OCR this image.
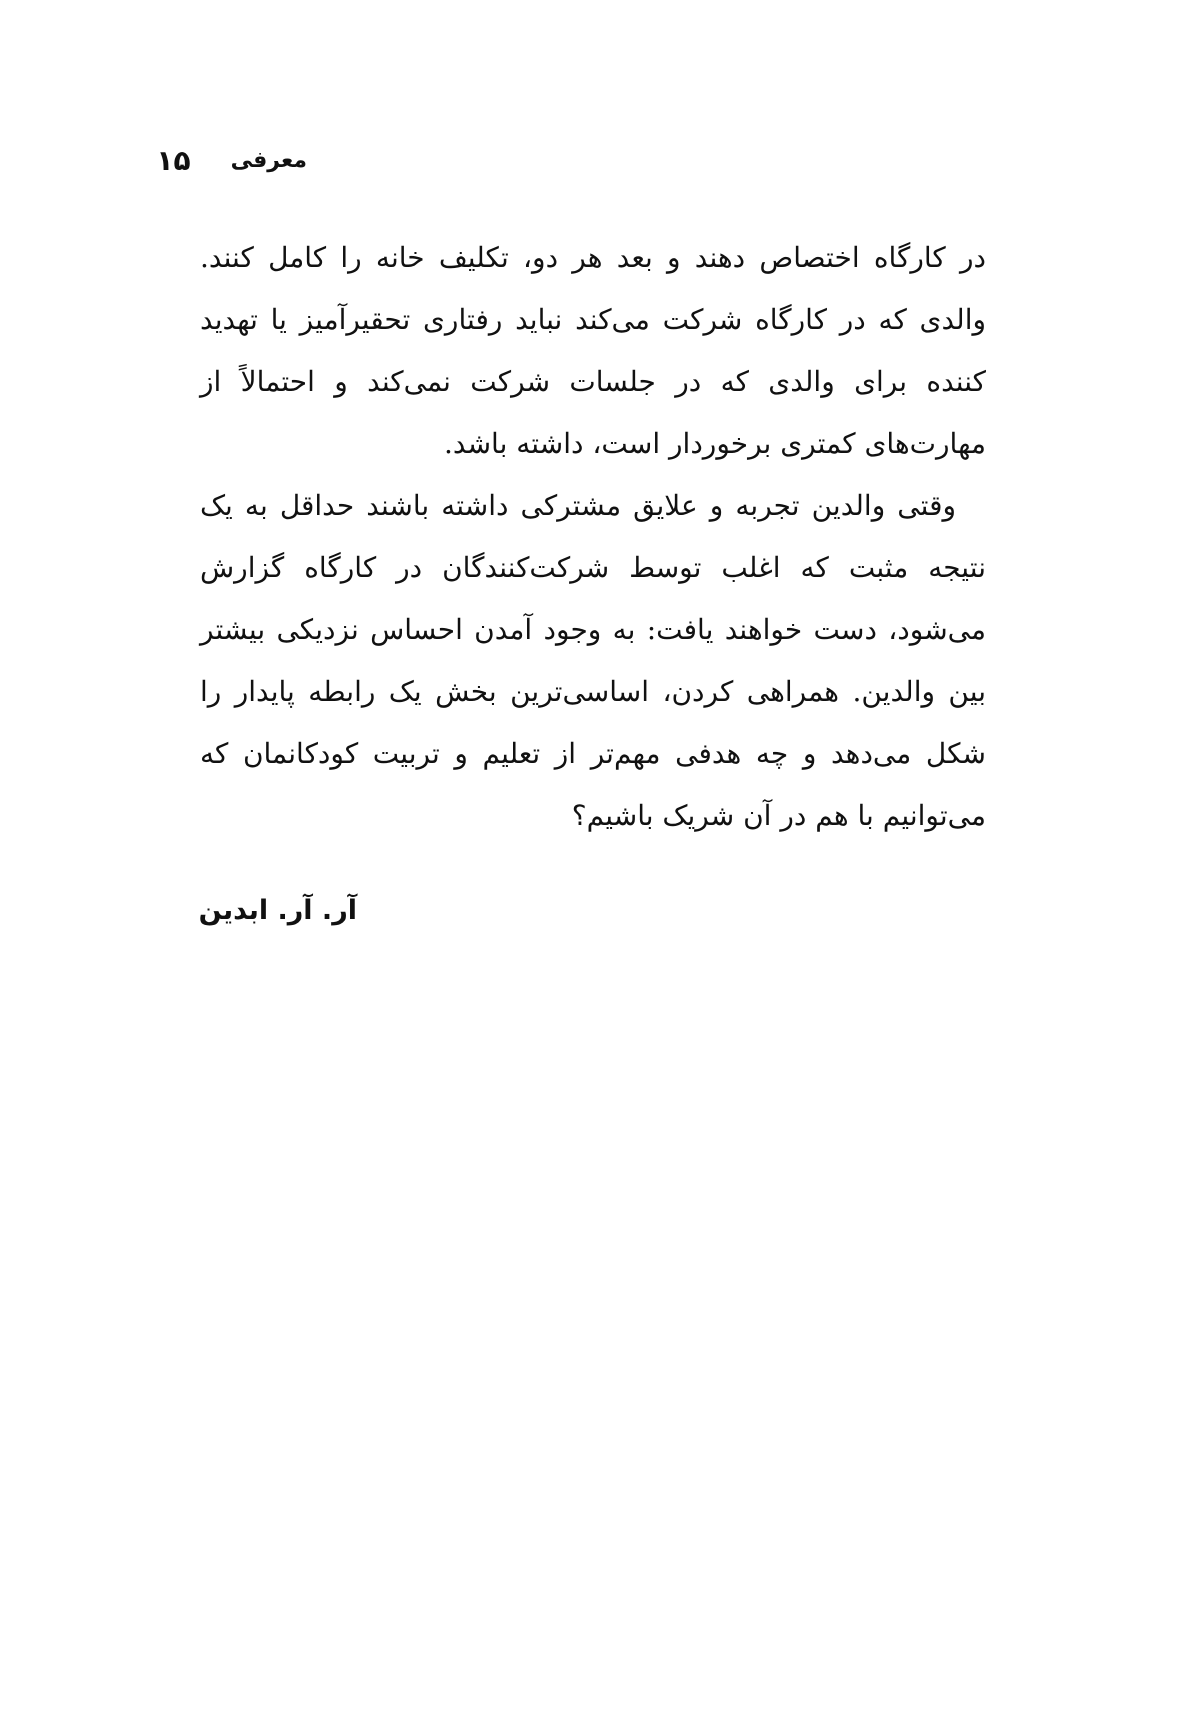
معرفی
۱۵

در کارگاه اختصاص دهند و بعد هر دو، تکلیف خانه را کامل کنند. والدی که در کارگاه شرکت می‌کند نباید رفتاری تحقیرآمیز یا تهدید کننده برای والدی که در جلسات شرکت نمی‌کند و احتمالاً از مهارت‌های کمتری برخوردار است، داشته باشد.

وقتی والدین تجربه و علایق مشترکی داشته باشند حداقل به یک نتیجه مثبت که اغلب توسط شرکت‌کنندگان در کارگاه گزارش می‌شود، دست خواهند یافت: به وجود آمدن احساس نزدیکی بیشتر بین والدین. همراهی کردن، اساسی‌ترین بخش یک رابطه پایدار را شکل می‌دهد و چه هدفی مهم‌تر از تعلیم و تربیت کودکانمان که می‌توانیم با هم در آن شریک باشیم؟

آر. آر. ابدین
